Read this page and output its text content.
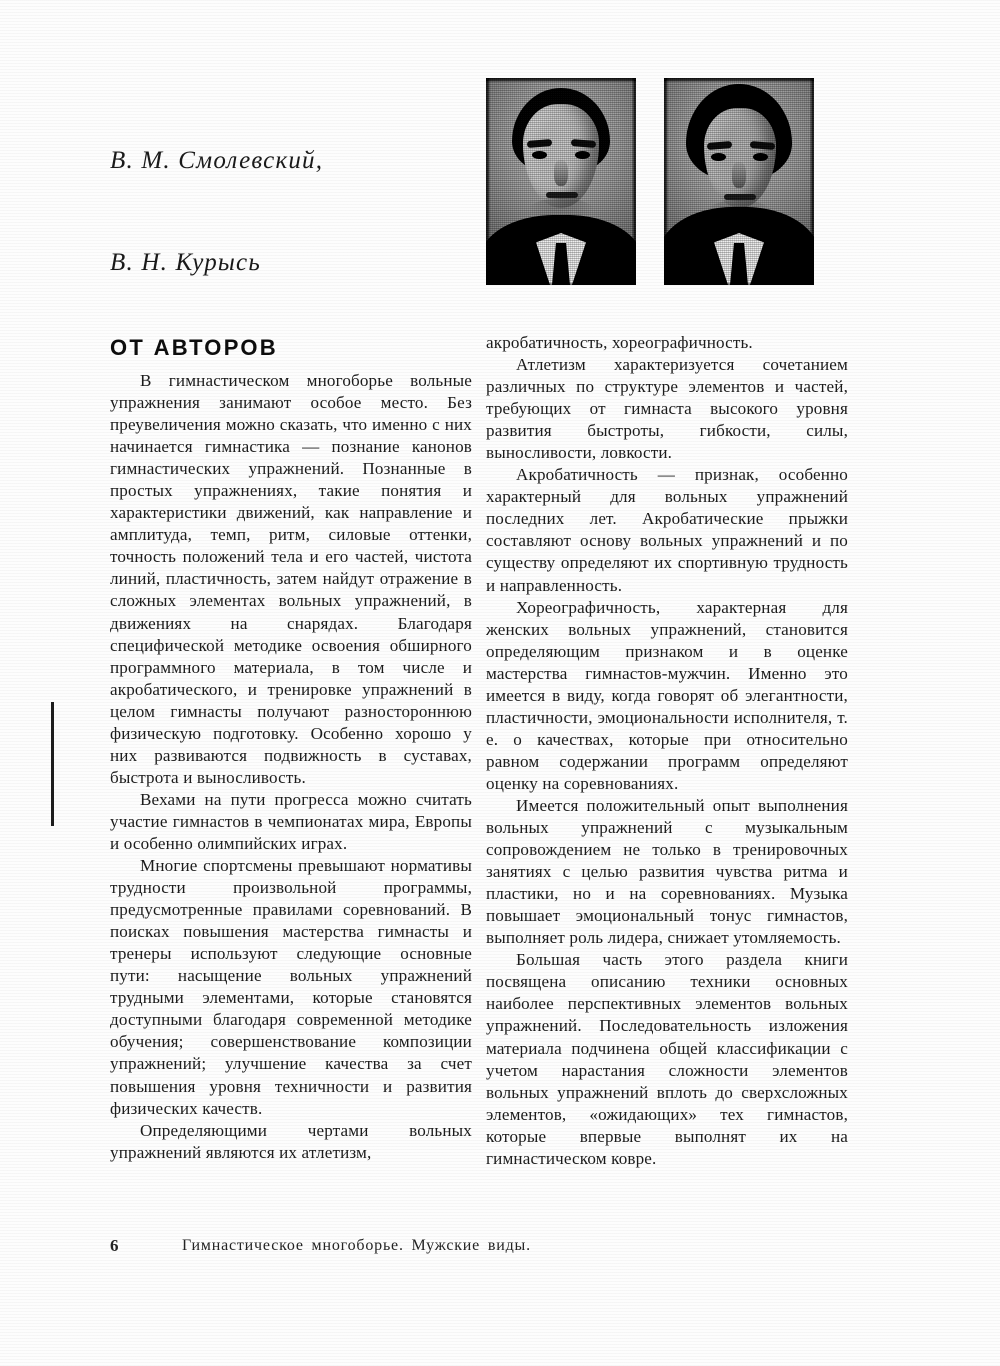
В. М. Смолевский,

В. Н. Курысь

ОТ АВТОРОВ

В гимнастическом многоборье вольные упражнения занимают особое место. Без преувеличения можно сказать, что именно с них начинается гимнастика — познание канонов гимнастических упражнений. Познанные в простых упражнениях, такие понятия и характеристики движений, как направление и амплитуда, темп, ритм, силовые оттенки, точность положений тела и его частей, чистота линий, пластичность, затем найдут отражение в сложных элементах вольных упражнений, в движениях на снарядах. Благодаря специфической методике освоения обширного программного материала, в том числе и акробатического, и тренировке упражнений в целом гимнасты получают разностороннюю физическую подготовку. Особенно хорошо у них развиваются подвижность в суставах, быстрота и выносливость.

Вехами на пути прогресса можно считать участие гимнастов в чемпионатах мира, Европы и особенно олимпийских играх.

Многие спортсмены превышают нормативы трудности произвольной программы, предусмотренные правилами соревнований. В поисках повышения мастерства гимнасты и тренеры используют следующие основные пути: насыщение вольных упражнений трудными элементами, которые становятся доступными благодаря современной методике обучения; совершенствование композиции упражнений; улучшение качества за счет повышения уровня техничности и развития физических качеств.

Определяющими чертами вольных упражнений являются их атлетизм,

акробатичность, хореографичность.

Атлетизм характеризуется сочетанием различных по структуре элементов и частей, требующих от гимнаста высокого уровня развития быстроты, гибкости, силы, выносливости, ловкости.

Акробатичность — признак, особенно характерный для вольных упражнений последних лет. Акробатические прыжки составляют основу вольных упражнений и по существу определяют их спортивную трудность и направленность.

Хореографичность, характерная для женских вольных упражнений, становится определяющим признаком и в оценке мастерства гимнастов-мужчин. Именно это имеется в виду, когда говорят об элегантности, пластичности, эмоциональности исполнителя, т. е. о качествах, которые при относительно равном содержании программ определяют оценку на соревнованиях.

Имеется положительный опыт выполнения вольных упражнений с музыкальным сопровождением не только в тренировочных занятиях с целью развития чувства ритма и пластики, но и на соревнованиях. Музыка повышает эмоциональный тонус гимнастов, выполняет роль лидера, снижает утомляемость.

Большая часть этого раздела книги посвящена описанию техники основных наиболее перспективных элементов вольных упражнений. Последовательность изложения материала подчинена общей классификации с учетом нарастания сложности элементов вольных упражнений вплоть до сверхсложных элементов, «ожидающих» тех гимнастов, которые впервые выполнят их на гимнастическом ковре.

6	Гимнастическое многоборье. Мужские виды.
